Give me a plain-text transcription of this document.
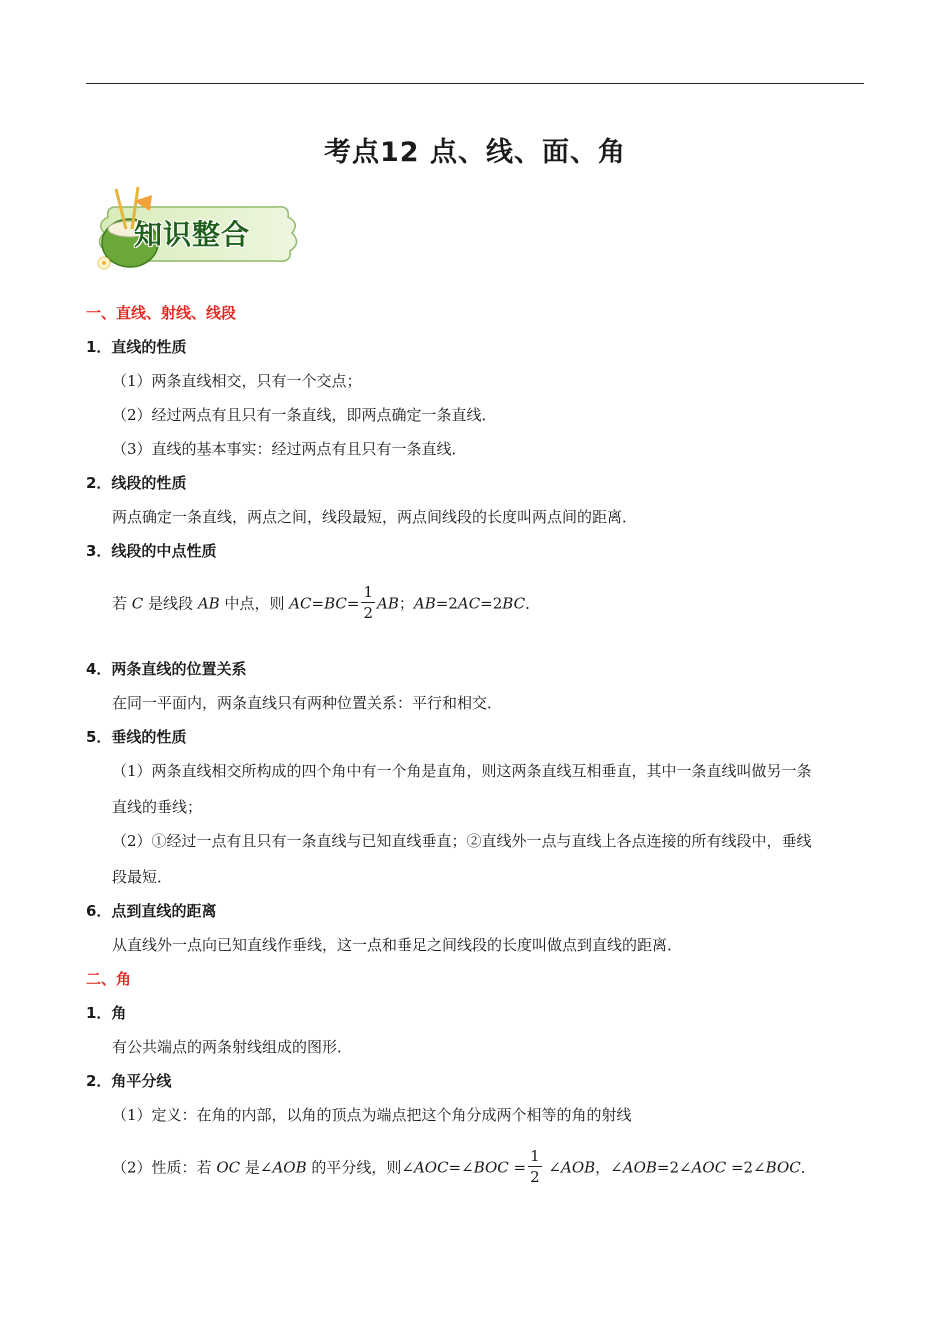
考点12 点、线、面、角
知识整合
一、直线、射线、线段
1．直线的性质
（1）两条直线相交，只有一个交点；
（2）经过两点有且只有一条直线，即两点确定一条直线．
（3）直线的基本事实：经过两点有且只有一条直线．
2．线段的性质
两点确定一条直线，两点之间，线段最短，两点间线段的长度叫两点间的距离．
3．线段的中点性质
若 C 是线段 AB 中点，则 $AC=BC= \frac{1}{2}$ AB；AB=2AC=2BC．
4．两条直线的位置关系
在同一平面内，两条直线只有两种位置关系：平行和相交．
5．垂线的性质
（1）两条直线相交所构成的四个角中有一个角是直角，则这两条直线互相垂直，其中一条直线叫做另一条
直线的垂线；
（2）①经过一点有且只有一条直线与已知直线垂直；②直线外一点与直线上各点连接的所有线段中，垂线
段最短．
6．点到直线的距离
从直线外一点向已知直线作垂线，这一点和垂足之间线段的长度叫做点到直线的距离．
二、角
1．角
有公共端点的两条射线组成的图形．
2．角平分线
（1）定义：在角的内部，以角的顶点为端点把这个角分成两个相等的角的射线
（2）性质：若 OC 是∠AOB 的平分线，则∠AOC=∠BOC = $\frac{1}{2}$ ∠AOB，∠AOB=2∠AOC =2∠BOC．
